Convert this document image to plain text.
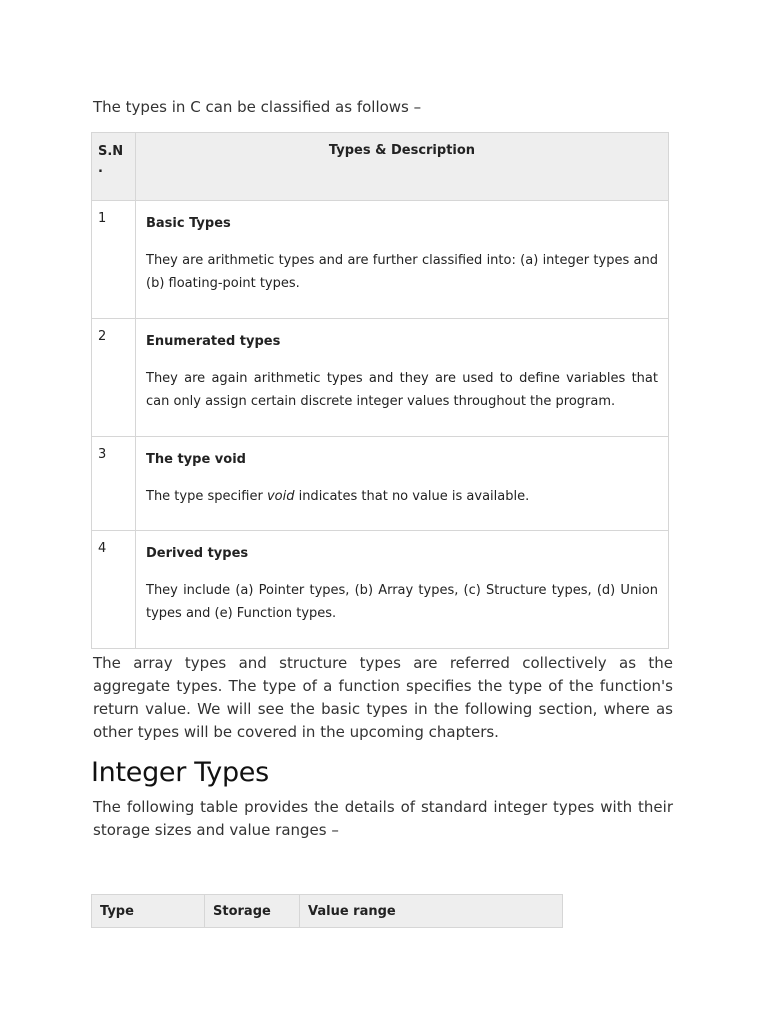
The types in C can be classified as follows –

S.N
.	Types & Description
1	Basic Types

They are arithmetic types and are further classified into: (a) integer types and (b) floating-point types.

2	Enumerated types

They are again arithmetic types and they are used to define variables that can only assign certain discrete integer values throughout the program.

3	The type void

The type specifier void indicates that no value is available.

4	Derived types

They include (a) Pointer types, (b) Array types, (c) Structure types, (d) Union types and (e) Function types.

The array types and structure types are referred collectively as the aggregate types. The type of a function specifies the type of the function's return value. We will see the basic types in the following section, where as other types will be covered in the upcoming chapters.

Integer Types

The following table provides the details of standard integer types with their storage sizes and value ranges –

Type	Storage	Value range
